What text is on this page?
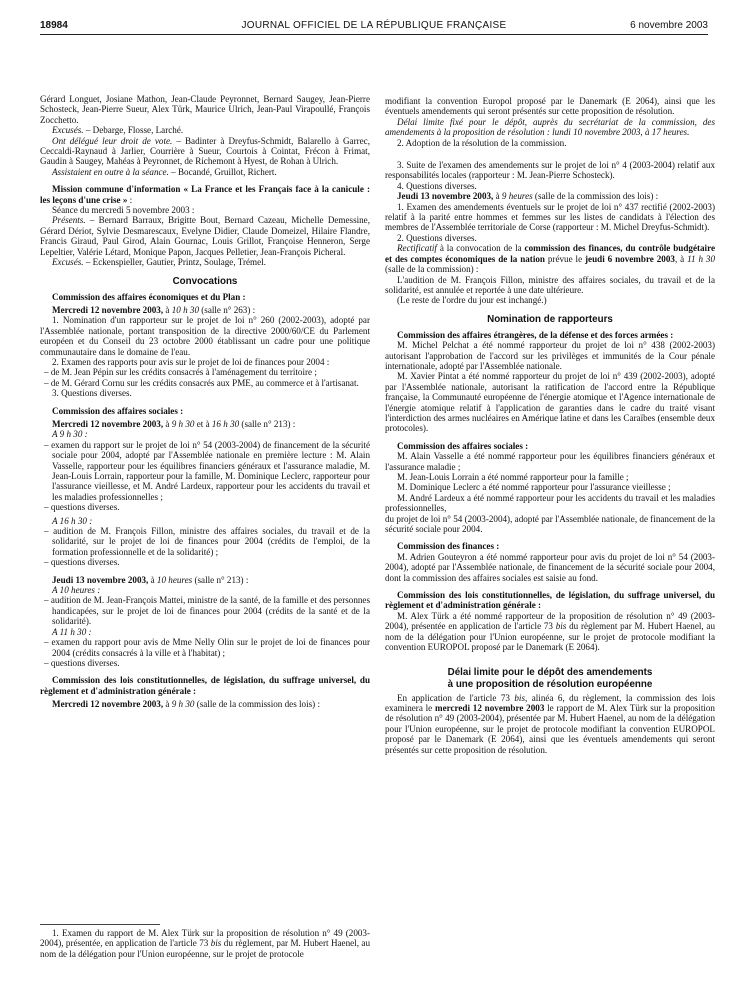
18984	JOURNAL OFFICIEL DE LA RÉPUBLIQUE FRANÇAISE	6 novembre 2003

Gérard Longuet, Josiane Mathon, Jean-Claude Peyronnet, Bernard Saugey, Jean-Pierre Schosteck, Jean-Pierre Sueur, Alex Türk, Maurice Ulrich, Jean-Paul Virapoullé, François Zocchetto.

Excusés. – Debarge, Flosse, Larché.

Ont délégué leur droit de vote. – Badinter à Dreyfus-Schmidt, Balarello à Garrec, Ceccaldi-Raynaud à Jarlier, Courrière à Sueur, Courtois à Cointat, Frécon à Frimat, Gaudin à Saugey, Mahéas à Peyronnet, de Richemont à Hyest, de Rohan à Ulrich.

Assistaient en outre à la séance. – Bocandé, Gruillot, Richert.

Mission commune d'information « La France et les Français face à la canicule : les leçons d'une crise » :

Séance du mercredi 5 novembre 2003 :

Présents. – Bernard Barraux, Brigitte Bout, Bernard Cazeau, Michelle Demessine, Gérard Dériot, Sylvie Desmarescaux, Evelyne Didier, Claude Domeizel, Hilaire Flandre, Francis Giraud, Paul Girod, Alain Gournac, Louis Grillot, Françoise Henneron, Serge Lepeltier, Valérie Létard, Monique Papon, Jacques Pelletier, Jean-François Picheral.

Excusés. – Eckenspieller, Gautier, Printz, Soulage, Trémel.

Convocations

Commission des affaires économiques et du Plan :

Mercredi 12 novembre 2003, à 10 h 30 (salle n° 263) :

1. Nomination d'un rapporteur sur le projet de loi n° 260 (2002-2003), adopté par l'Assemblée nationale, portant transposition de la directive 2000/60/CE du Parlement européen et du Conseil du 23 octobre 2000 établissant un cadre pour une politique communautaire dans le domaine de l'eau.

2. Examen des rapports pour avis sur le projet de loi de finances pour 2004 :

– de M. Jean Pépin sur les crédits consacrés à l'aménagement du territoire ;

– de M. Gérard Cornu sur les crédits consacrés aux PME, au commerce et à l'artisanat.

3. Questions diverses.

Commission des affaires sociales :

Mercredi 12 novembre 2003, à 9 h 30 et à 16 h 30 (salle n° 213) :

A 9 h 30 :

– examen du rapport sur le projet de loi n° 54 (2003-2004) de financement de la sécurité sociale pour 2004, adopté par l'Assemblée nationale en première lecture : M. Alain Vasselle, rapporteur pour les équilibres financiers généraux et l'assurance maladie, M. Jean-Louis Lorrain, rapporteur pour la famille, M. Dominique Leclerc, rapporteur pour l'assurance vieillesse, et M. André Lardeux, rapporteur pour les accidents du travail et les maladies professionnelles ;

– questions diverses.

A 16 h 30 :

– audition de M. François Fillon, ministre des affaires sociales, du travail et de la solidarité, sur le projet de loi de finances pour 2004 (crédits de l'emploi, de la formation professionnelle et de la solidarité) ;

– questions diverses.

Jeudi 13 novembre 2003, à 10 heures (salle n° 213) :

A 10 heures :

– audition de M. Jean-François Mattei, ministre de la santé, de la famille et des personnes handicapées, sur le projet de loi de finances pour 2004 (crédits de la santé et de la solidarité).

A 11 h 30 :

– examen du rapport pour avis de Mme Nelly Olin sur le projet de loi de finances pour 2004 (crédits consacrés à la ville et à l'habitat) ;

– questions diverses.

Commission des lois constitutionnelles, de législation, du suffrage universel, du règlement et d'administration générale :

Mercredi 12 novembre 2003, à 9 h 30 (salle de la commission des lois) :

1. Examen du rapport de M. Alex Türk sur la proposition de résolution n° 49 (2003-2004), présentée, en application de l'article 73 bis du règlement, par M. Hubert Haenel, au nom de la délégation pour l'Union européenne, sur le projet de protocole

modifiant la convention Europol proposé par le Danemark (E 2064), ainsi que les éventuels amendements qui seront présentés sur cette proposition de résolution.

Délai limite fixé pour le dépôt, auprès du secrétariat de la commission, des amendements à la proposition de résolution : lundi 10 novembre 2003, à 17 heures.

2. Adoption de la résolution de la commission.

3. Suite de l'examen des amendements sur le projet de loi n° 4 (2003-2004) relatif aux responsabilités locales (rapporteur : M. Jean-Pierre Schosteck).

4. Questions diverses.

Jeudi 13 novembre 2003, à 9 heures (salle de la commission des lois) :

1. Examen des amendements éventuels sur le projet de loi n° 437 rectifié (2002-2003) relatif à la parité entre hommes et femmes sur les listes de candidats à l'élection des membres de l'Assemblée territoriale de Corse (rapporteur : M. Michel Dreyfus-Schmidt).

2. Questions diverses.

Rectificatif à la convocation de la commission des finances, du contrôle budgétaire et des comptes économiques de la nation prévue le jeudi 6 novembre 2003, à 11 h 30 (salle de la commission) :

L'audition de M. François Fillon, ministre des affaires sociales, du travail et de la solidarité, est annulée et reportée à une date ultérieure.

(Le reste de l'ordre du jour est inchangé.)

Nomination de rapporteurs

Commission des affaires étrangères, de la défense et des forces armées :

M. Michel Pelchat a été nommé rapporteur du projet de loi n° 438 (2002-2003) autorisant l'approbation de l'accord sur les privilèges et immunités de la Cour pénale internationale, adopté par l'Assemblée nationale.

M. Xavier Pintat a été nommé rapporteur du projet de loi n° 439 (2002-2003), adopté par l'Assemblée nationale, autorisant la ratification de l'accord entre la République française, la Communauté européenne de l'énergie atomique et l'Agence internationale de l'énergie atomique relatif à l'application de garanties dans le cadre du traité visant l'interdiction des armes nucléaires en Amérique latine et dans les Caraïbes (ensemble deux protocoles).

Commission des affaires sociales :

M. Alain Vasselle a été nommé rapporteur pour les équilibres financiers généraux et l'assurance maladie ;

M. Jean-Louis Lorrain a été nommé rapporteur pour la famille ;

M. Dominique Leclerc a été nommé rapporteur pour l'assurance vieillesse ;

M. André Lardeux a été nommé rapporteur pour les accidents du travail et les maladies professionnelles,

du projet de loi n° 54 (2003-2004), adopté par l'Assemblée nationale, de financement de la sécurité sociale pour 2004.

Commission des finances :

M. Adrien Gouteyron a été nommé rapporteur pour avis du projet de loi n° 54 (2003-2004), adopté par l'Assemblée nationale, de financement de la sécurité sociale pour 2004, dont la commission des affaires sociales est saisie au fond.

Commission des lois constitutionnelles, de législation, du suffrage universel, du règlement et d'administration générale :

M. Alex Türk a été nommé rapporteur de la proposition de résolution n° 49 (2003-2004), présentée en application de l'article 73 bis du règlement par M. Hubert Haenel, au nom de la délégation pour l'Union européenne, sur le projet de protocole modifiant la convention EUROPOL proposé par le Danemark (E 2064).

Délai limite pour le dépôt des amendements
à une proposition de résolution européenne

En application de l'article 73 bis, alinéa 6, du règlement, la commission des lois examinera le mercredi 12 novembre 2003 le rapport de M. Alex Türk sur la proposition de résolution n° 49 (2003-2004), présentée par M. Hubert Haenel, au nom de la délégation pour l'Union européenne, sur le projet de protocole modifiant la convention EUROPOL proposé par le Danemark (E 2064), ainsi que les éventuels amendements qui seront présentés sur cette proposition de résolution.
